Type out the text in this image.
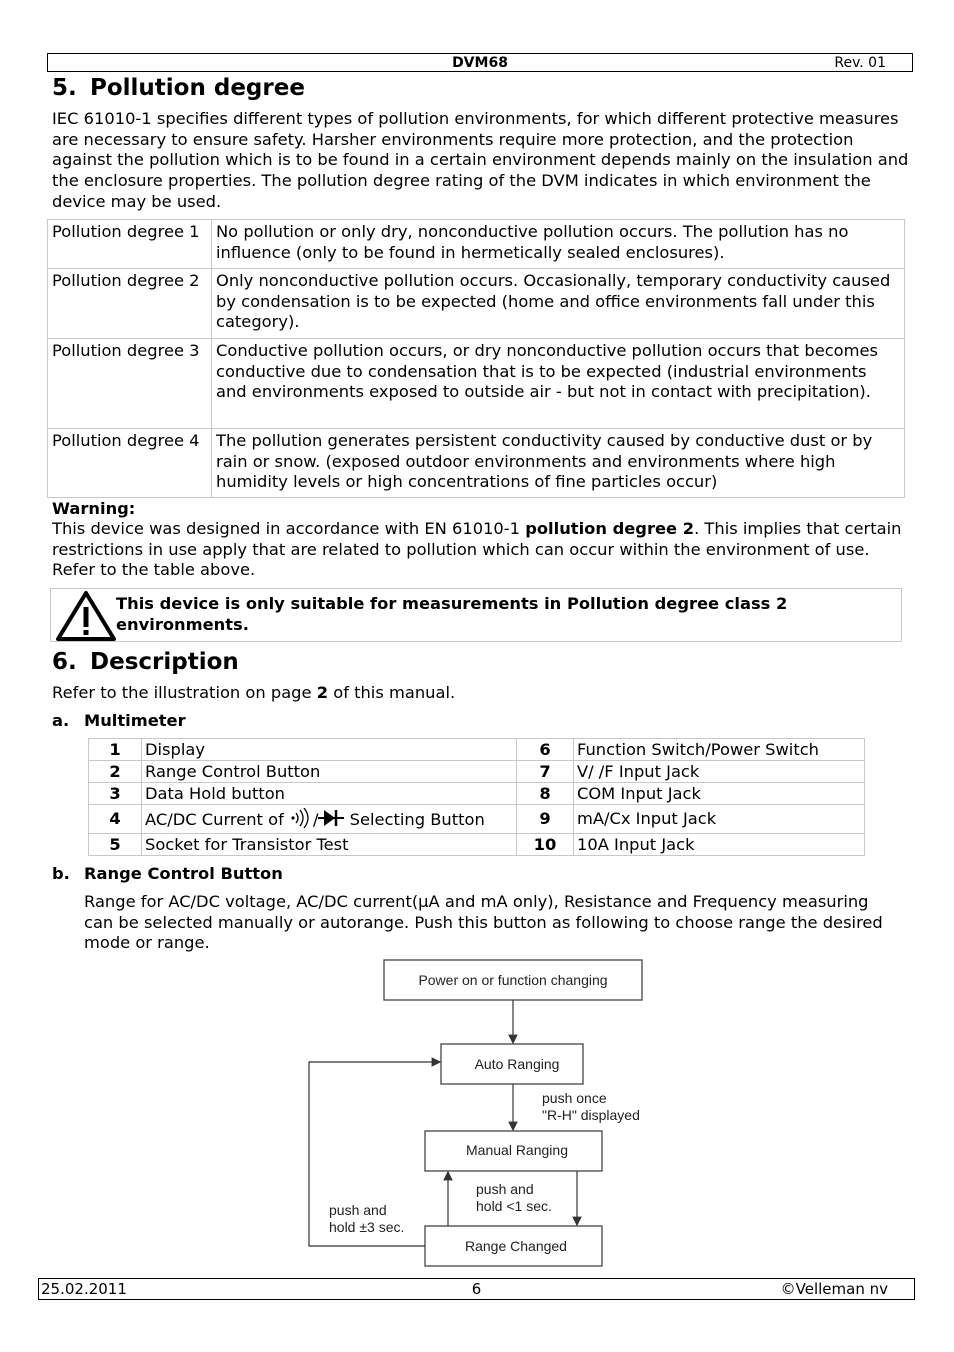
DVM68	Rev. 01
5. Pollution degree

IEC 61010-1 specifies different types of pollution environments, for which different protective measures are necessary to ensure safety. Harsher environments require more protection, and the protection against the pollution which is to be found in a certain environment depends mainly on the insulation and the enclosure properties. The pollution degree rating of the DVM indicates in which environment the device may be used.

Pollution degree 1	No pollution or only dry, nonconductive pollution occurs. The pollution has no influence (only to be found in hermetically sealed enclosures).
Pollution degree 2	Only nonconductive pollution occurs. Occasionally, temporary conductivity caused by condensation is to be expected (home and office environments fall under this category).
Pollution degree 3	Conductive pollution occurs, or dry nonconductive pollution occurs that becomes conductive due to condensation that is to be expected (industrial environments and environments exposed to outside air - but not in contact with precipitation).
Pollution degree 4	The pollution generates persistent conductivity caused by conductive dust or by rain or snow. (exposed outdoor environments and environments where high humidity levels or high concentrations of fine particles occur)
Warning:

This device was designed in accordance with EN 61010-1 pollution degree 2. This implies that certain restrictions in use apply that are related to pollution which can occur within the environment of use. Refer to the table above.

This device is only suitable for measurements in Pollution degree class 2 environments.
6. Description

Refer to the illustration on page 2 of this manual.

a. Multimeter
1	Display	6	Function Switch/Power Switch
2	Range Control Button	7	V/ /F Input Jack
3	Data Hold button	8	COM Input Jack
4	AC/DC Current of / Selecting Button	9	mA/Cx Input Jack
5	Socket for Transistor Test	10	10A Input Jack
b. Range Control Button

Range for AC/DC voltage, AC/DC current(µA and mA only), Resistance and Frequency measuring can be selected manually or autorange. Push this button as following to choose range the desired mode or range.

Power on or function changing
Auto Ranging
Manual Ranging
Range Changed
push once
"R-H" displayed
push and
hold <1 sec.
push and
hold ±3 sec.
25.02.2011	6	©Velleman nv
